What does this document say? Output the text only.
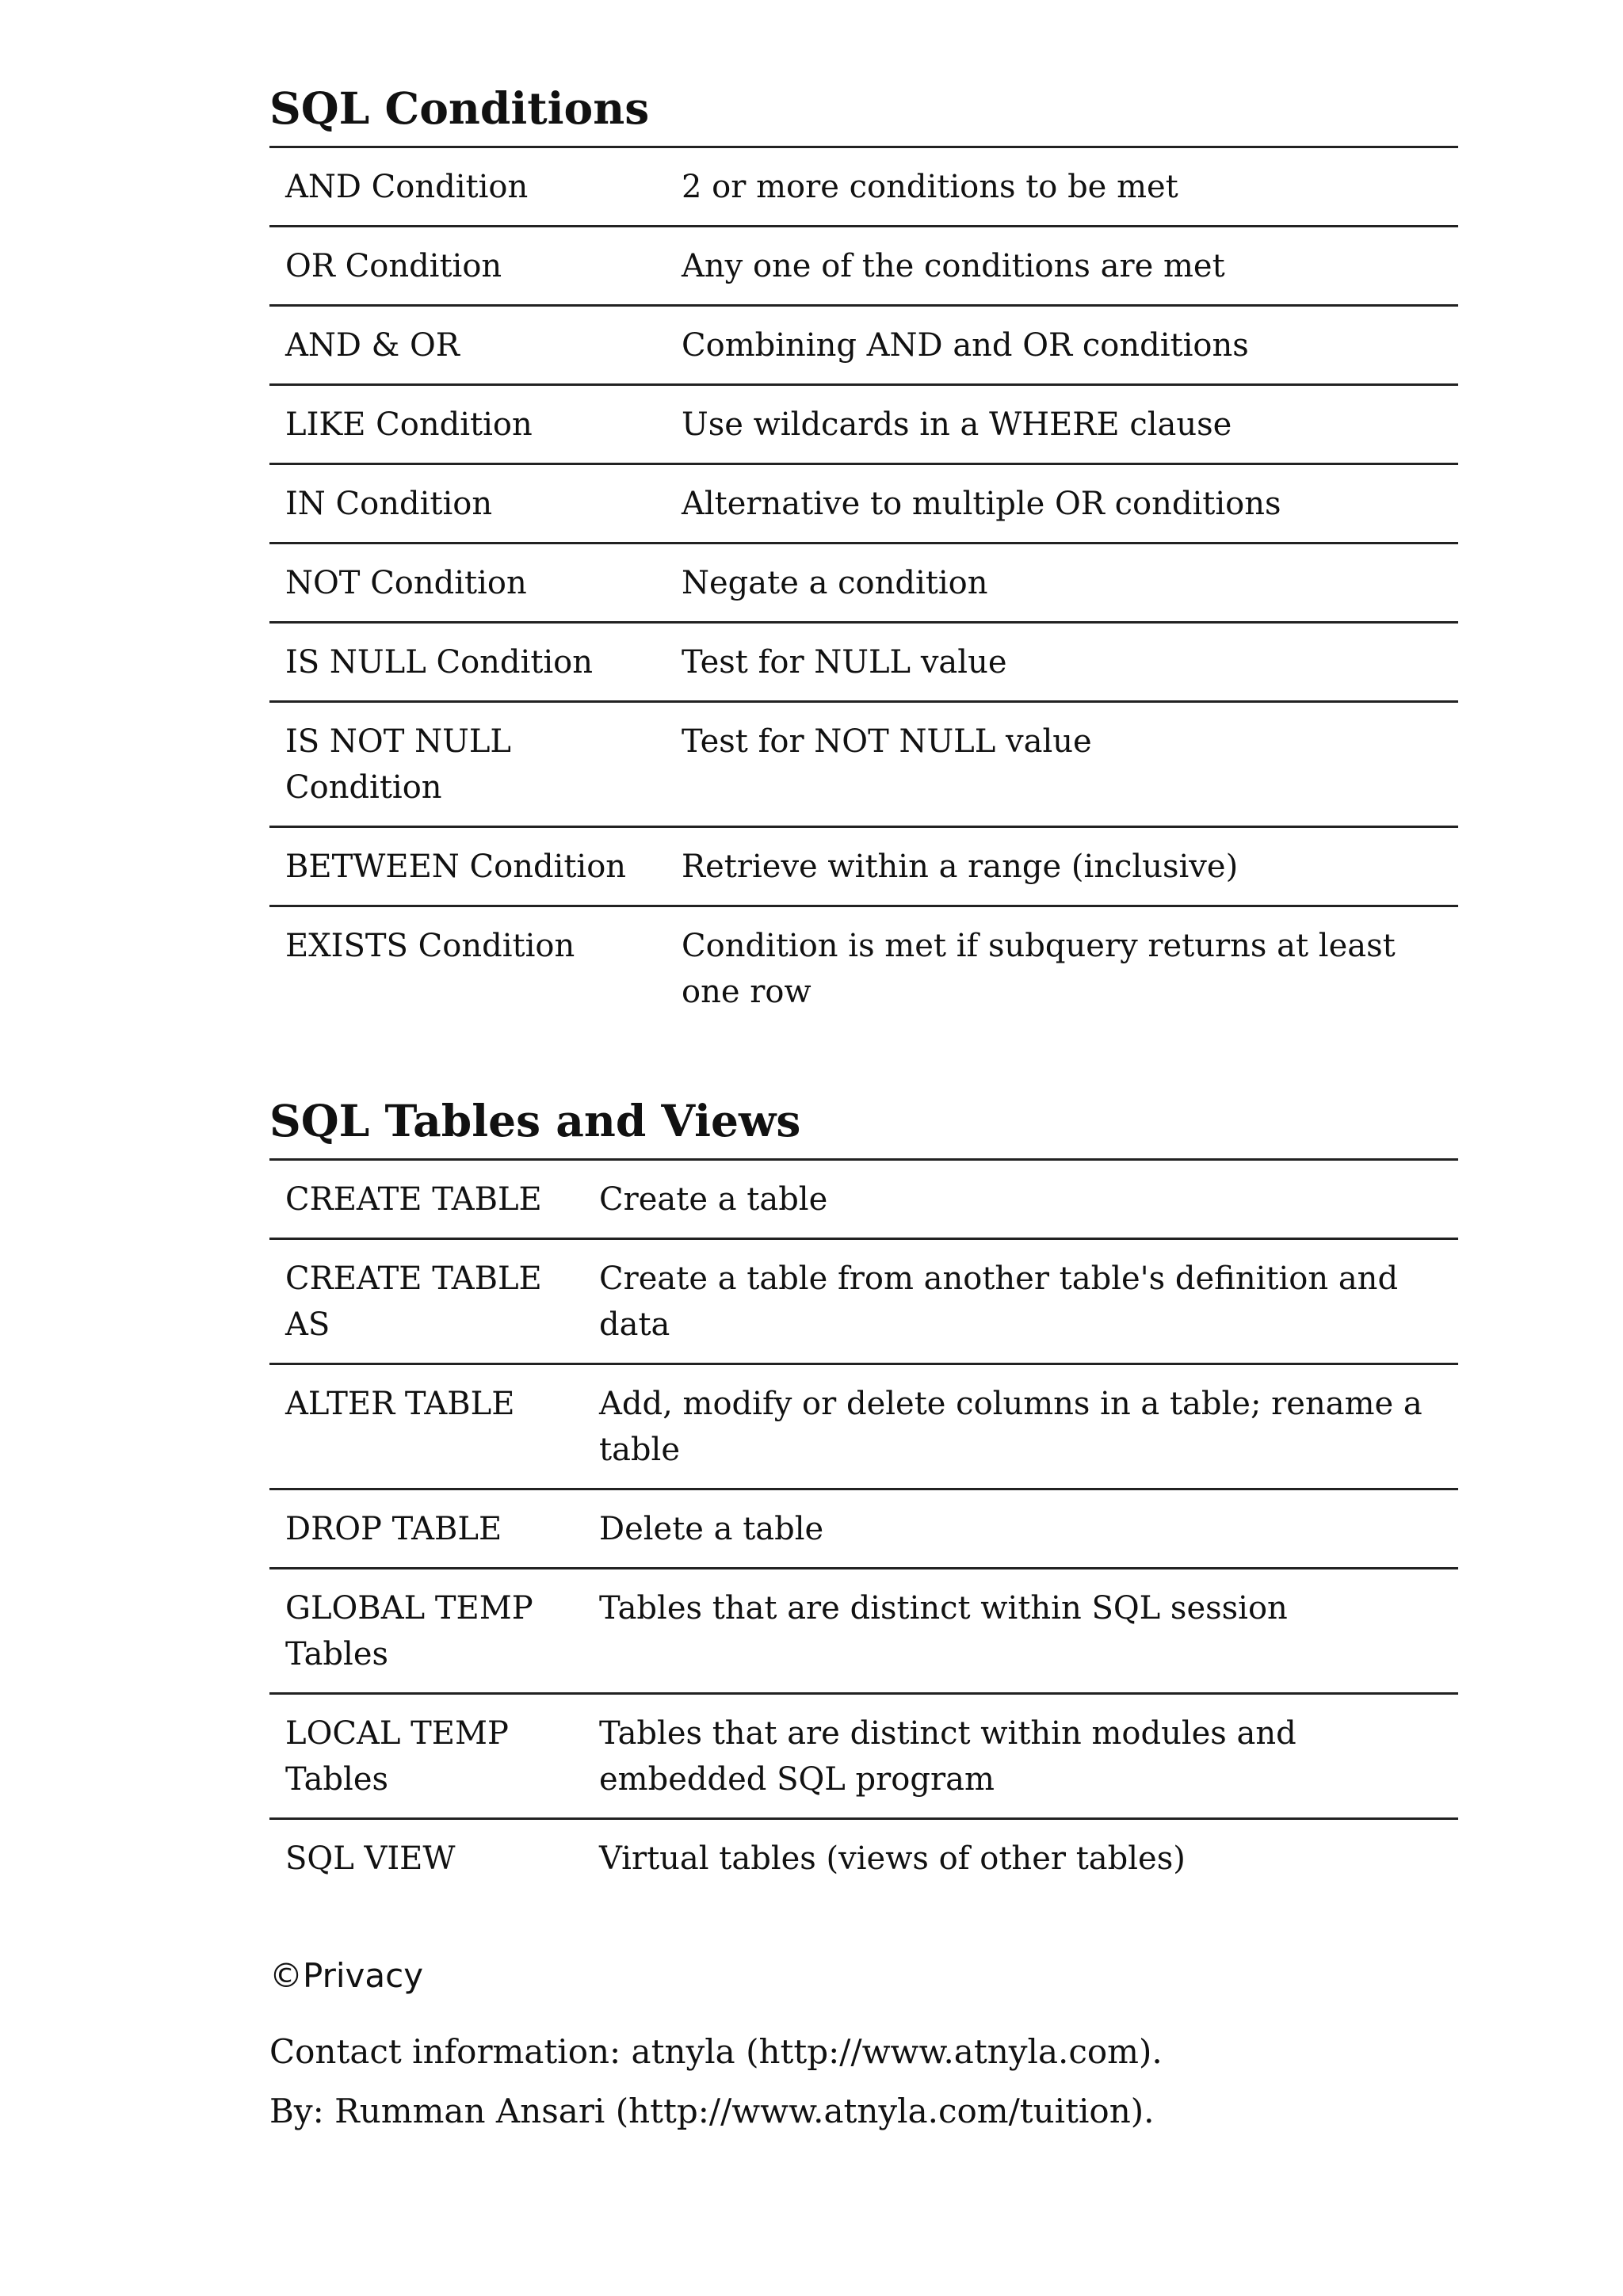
SQL Conditions
AND Condition	2 or more conditions to be met
OR Condition	Any one of the conditions are met
AND & OR	Combining AND and OR conditions
LIKE Condition	Use wildcards in a WHERE clause
IN Condition	Alternative to multiple OR conditions
NOT Condition	Negate a condition
IS NULL Condition	Test for NULL value
IS NOT NULL Condition	Test for NOT NULL value
BETWEEN Condition	Retrieve within a range (inclusive)
EXISTS Condition	Condition is met if subquery returns at least one row
SQL Tables and Views
CREATE TABLE	Create a table
CREATE TABLE AS	Create a table from another table's definition and data
ALTER TABLE	Add, modify or delete columns in a table; rename a table
DROP TABLE	Delete a table
GLOBAL TEMP Tables	Tables that are distinct within SQL session
LOCAL TEMP Tables	Tables that are distinct within modules and embedded SQL program
SQL VIEW	Virtual tables (views of other tables)
©Privacy

Contact information: atnyla (http://www.atnyla.com).

By: Rumman Ansari (http://www.atnyla.com/tuition).
